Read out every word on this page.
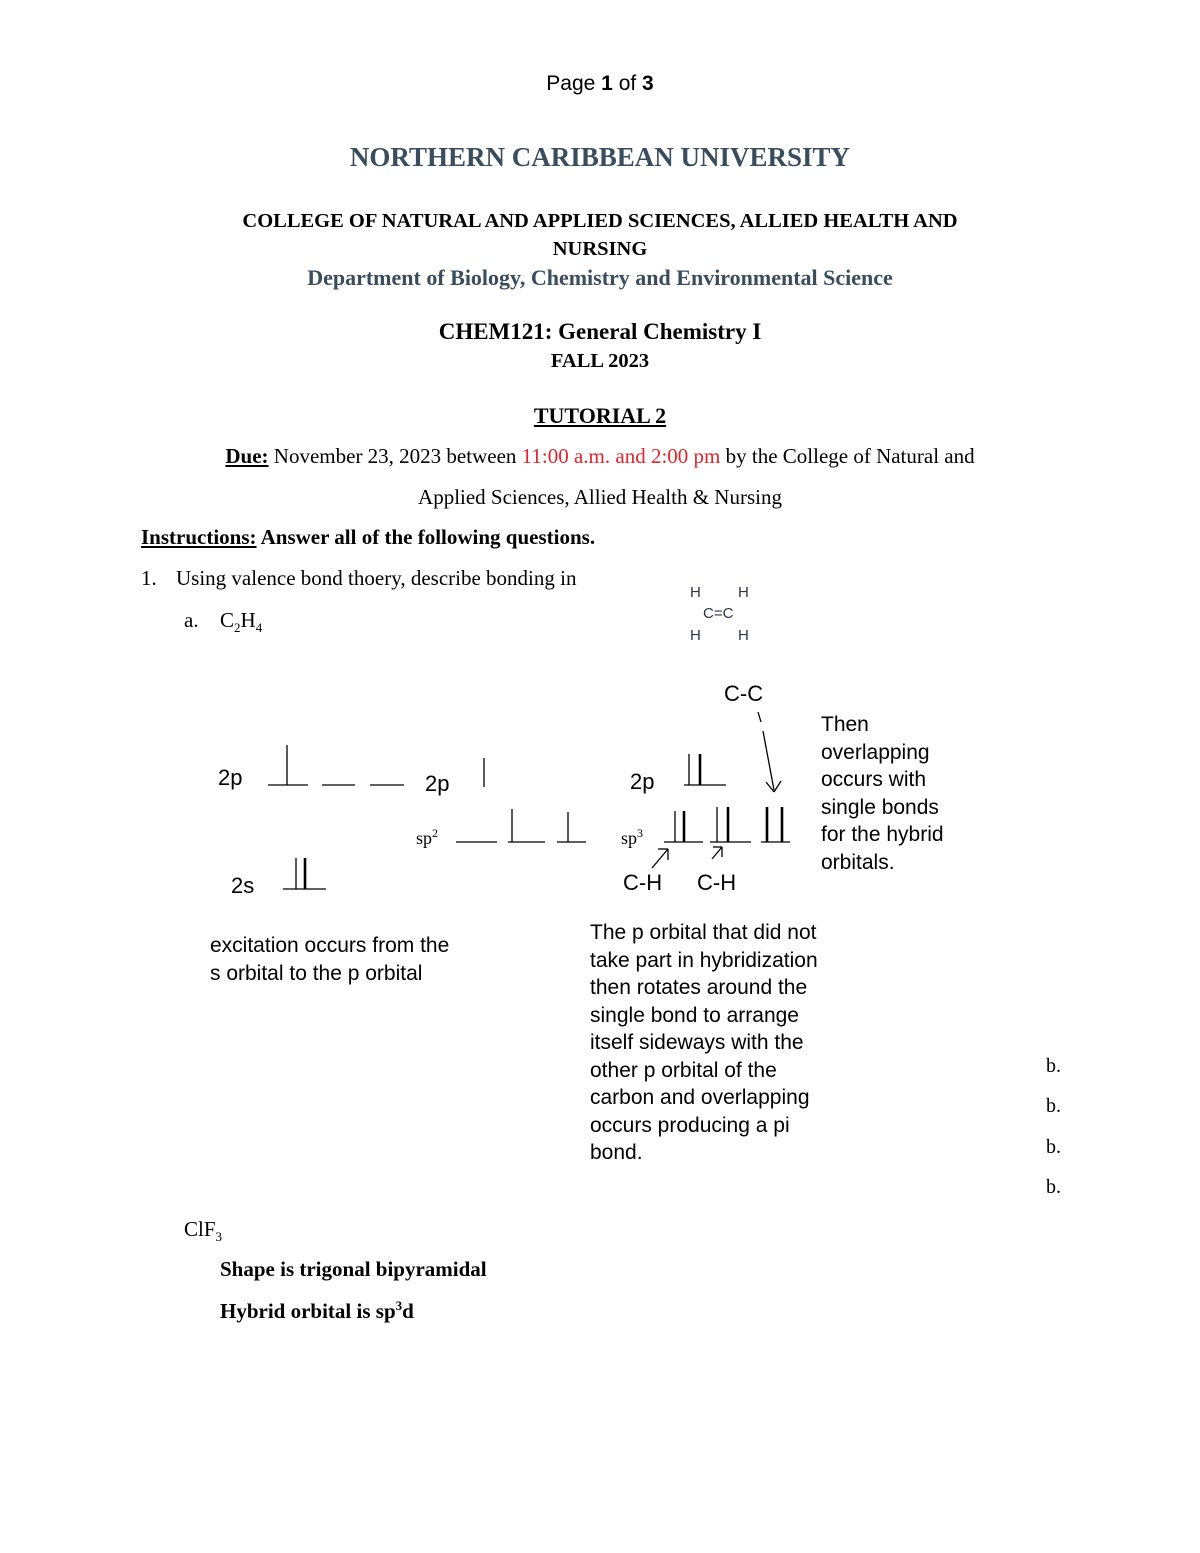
Page 1 of 3
NORTHERN CARIBBEAN UNIVERSITY
COLLEGE OF NATURAL AND APPLIED SCIENCES, ALLIED HEALTH AND
NURSING
Department of Biology, Chemistry and Environmental Science
CHEM121: General Chemistry I
FALL 2023
TUTORIAL 2
Due: November 23, 2023 between 11:00 a.m. and 2:00 pm by the College of Natural and
Applied Sciences, Allied Health & Nursing
Instructions: Answer all of the following questions.
1. Using valence bond thoery, describe bonding in
a. $C_2H_4$
H H
C=C
H H
2p
2s
2p
$sp^2$
2p
$sp^3$
C-C
C-H C-H
excitation occurs from the
s orbital to the p orbital
Then
overlapping
occurs with
single bonds
for the hybrid
orbitals.
The p orbital that did not
take part in hybridization
then rotates around the
single bond to arrange
itself sideways with the
other p orbital of the
carbon and overlapping
occurs producing a pi
bond.
b.
b.
b.
b.
ClF$_3$
Shape is trigonal bipyramidal
Hybrid orbital is $sp^3d$
